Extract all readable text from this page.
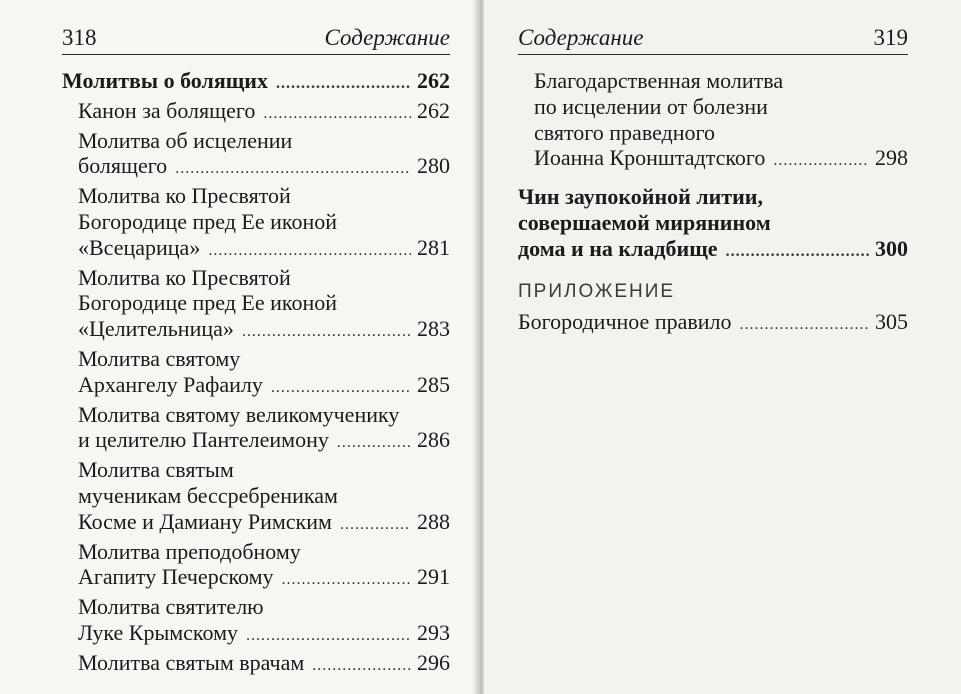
318	Содержание
Молитвы о болящих .....	262
Канон за болящего .....	262
Молитва об исцелении
болящего .....	280
Молитва ко Пресвятой
Богородице пред Ее иконой
«Всецарица» .....	281
Молитва ко Пресвятой
Богородице пред Ее иконой
«Целительница» .....	283
Молитва святому
Архангелу Рафаилу .....	285
Молитва святому великомученику
и целителю Пантелеимону .....	286
Молитва святым
мученикам бессребреникам
Косме и Дамиану Римским .....	288
Молитва преподобному
Агапиту Печерскому .....	291
Молитва святителю
Луке Крымскому .....	293
Молитва святым врачам .....	296
Содержание	319
Благодарственная молитва
по исцелении от болезни
святого праведного
Иоанна Кронштадтского .....	298
Чин заупокойной литии,
совершаемой мирянином
дома и на кладбище .....	300
ПРИЛОЖЕНИЕ
Богородичное правило .....	305
